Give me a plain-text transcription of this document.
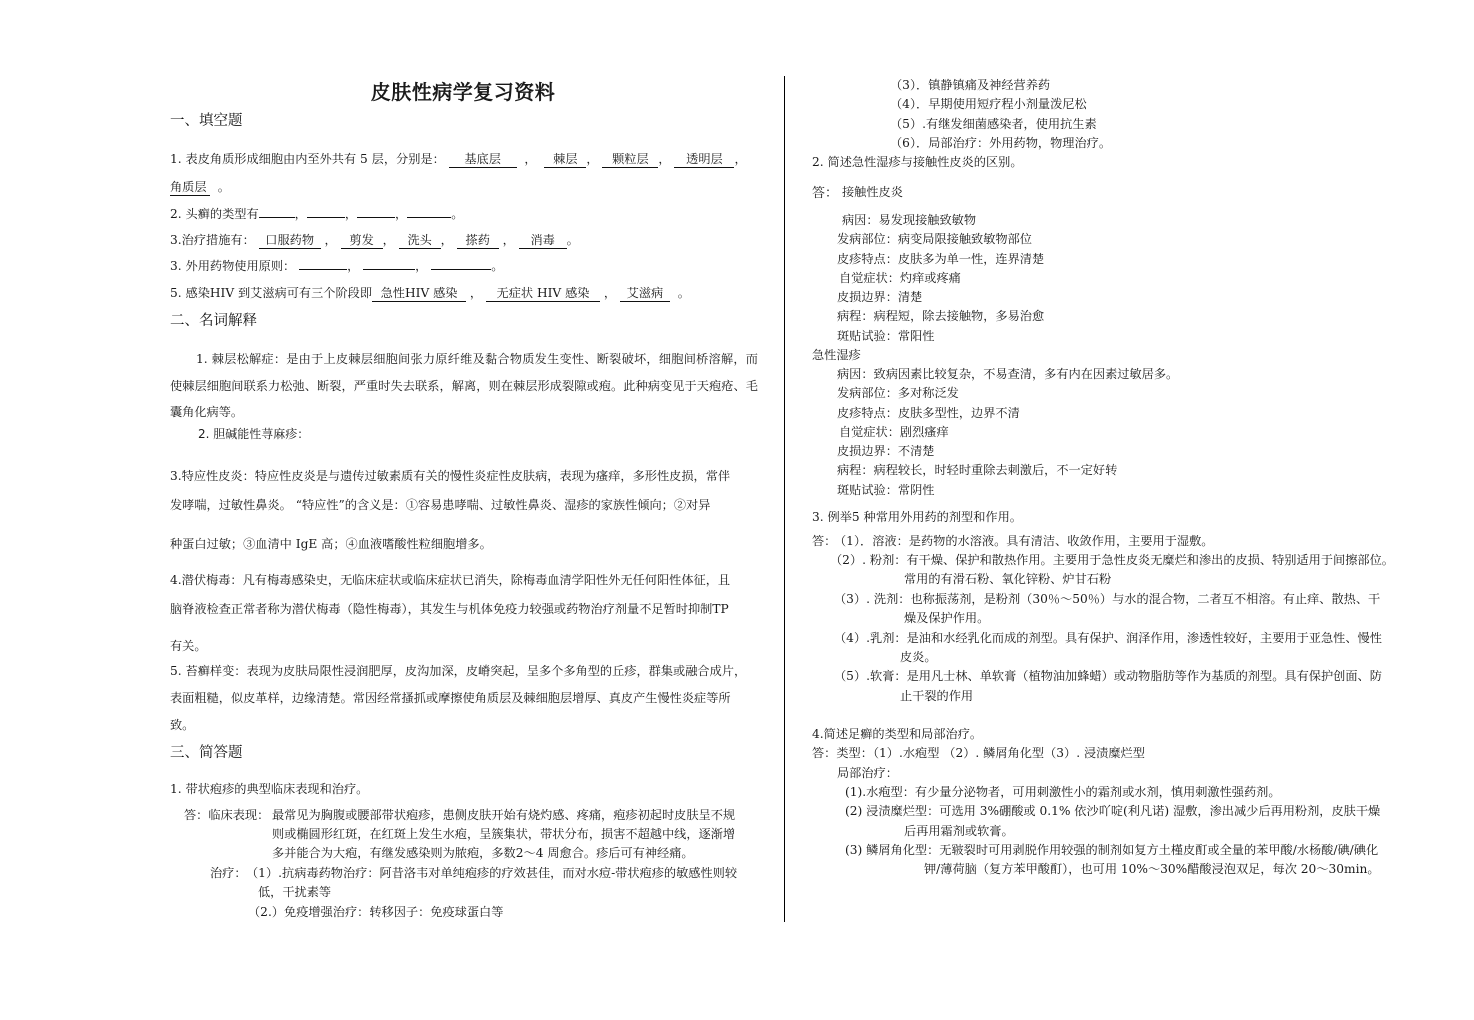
皮肤性病学复习资料
一、填空题
1. 表皮角质形成细胞由内至外共有 5 层，分别是： 基底层  ，  棘层 ， 颗粒层 ， 透明层 ，
角质层 。
2. 头癣的类型有	，	，	，	。
3.治疗措施有： 口服药物 ， 剪发 ， 洗头 ， 搽药 ， 消毒 。
3. 外用药物使用原则：	，	，	。
5. 感染HIV 到艾滋病可有三个阶段即 急性HIV 感染 ， 无症状 HIV 感染 ， 艾滋病 。
二、名词解释
1. 棘层松解症：是由于上皮棘层细胞间张力原纤维及黏合物质发生变性、断裂破坏，细胞间桥溶解，而使棘层细胞间联系力松弛、断裂，严重时失去联系，解离，则在棘层形成裂隙或疱。此种病变见于天疱疮、毛囊角化病等。
2. 胆碱能性荨麻疹：
3.特应性皮炎：特应性皮炎是与遗传过敏素质有关的慢性炎症性皮肤病，表现为瘙痒，多形性皮损，常伴
发哮喘，过敏性鼻炎。 “特应性”的含义是：①容易患哮喘、过敏性鼻炎、湿疹的家族性倾向；②对异
种蛋白过敏；③血清中 IgE 高；④血液嗜酸性粒细胞增多。
4.潜伏梅毒：凡有梅毒感染史，无临床症状或临床症状已消失，除梅毒血清学阳性外无任何阳性体征，且
脑脊液检查正常者称为潜伏梅毒（隐性梅毒），其发生与机体免疫力较强或药物治疗剂量不足暂时抑制TP
有关。
5. 苔癣样变：表现为皮肤局限性浸润肥厚，皮沟加深，皮嵴突起，呈多个多角型的丘疹，群集或融合成片，
表面粗糙，似皮革样，边缘清楚。常因经常搔抓或摩擦使角质层及棘细胞层增厚、真皮产生慢性炎症等所
致。
三、简答题
1. 带状疱疹的典型临床表现和治疗。
答：临床表现： 最常见为胸腹或腰部带状疱疹，患侧皮肤开始有烧灼感、疼痛，疱疹初起时皮肤呈不规
则或椭圆形红斑，在红斑上发生水疱，呈簇集状，带状分布，损害不超越中线，逐渐增
多并能合为大疱，有继发感染则为脓疱，多数2～4 周愈合。疹后可有神经痛。
治疗： （1）.抗病毒药物治疗：阿昔洛韦对单纯疱疹的疗效甚佳，而对水痘-带状疱疹的敏感性则较
低，干扰素等
（2.）免疫增强治疗：转移因子：免疫球蛋白等
（3）．镇静镇痛及神经营养药
（4）．早期使用短疗程小剂量泼尼松
（5）.有继发细菌感染者，使用抗生素
（6）．局部治疗：外用药物，物理治疗。
2. 简述急性湿疹与接触性皮炎的区别。
答： 接触性皮炎
病因：易发现接触致敏物
发病部位：病变局限接触致敏物部位
皮疹特点：皮肤多为单一性，连界清楚
自觉症状：灼痒或疼痛
皮损边界：清楚
病程：病程短，除去接触物，多易治愈
斑贴试验：常阳性
急性湿疹
病因：致病因素比较复杂，不易查清，多有内在因素过敏居多。
发病部位：多对称泛发
皮疹特点：皮肤多型性，边界不清
自觉症状：剧烈瘙痒
皮损边界：不清楚
病程：病程较长，时轻时重除去刺激后，不一定好转
斑贴试验：常阴性
3. 例举5 种常用外用药的剂型和作用。
答：
（1）．溶液：是药物的水溶液。具有清洁、收敛作用，主要用于湿敷。
（2）. 粉剂：有干燥、保护和散热作用。主要用于急性皮炎无糜烂和渗出的皮损、特别适用于间擦部位。
常用的有滑石粉、氧化锌粉、炉甘石粉
（3）. 洗剂：也称振荡剂，是粉剂（30％～50％）与水的混合物，二者互不相溶。有止痒、散热、干
燥及保护作用。
（4）.乳剂：是油和水经乳化而成的剂型。具有保护、润泽作用，渗透性较好，主要用于亚急性、慢性
皮炎。
（5）.软膏：是用凡士林、单软膏（植物油加蜂蜡）或动物脂肪等作为基质的剂型。具有保护创面、防
止干裂的作用
4.简述足癣的类型和局部治疗。
答：类型：（1）.水疱型 （2）. 鳞屑角化型（3）. 浸渍糜烂型
局部治疗：
(1).水疱型：有少量分泌物者，可用刺激性小的霜剂或水剂，慎用刺激性强药剂。
(2) 浸渍糜烂型：可选用 3%硼酸或 0.1% 依沙吖啶(利凡诺) 湿敷，渗出减少后再用粉剂，皮肤干燥
后再用霜剂或软膏。
(3) 鳞屑角化型：无皲裂时可用剥脱作用较强的制剂如复方土槿皮酊或全量的苯甲酸/水杨酸/碘/碘化
钾/薄荷脑（复方苯甲酸酊），也可用 10%～30%醋酸浸泡双足，每次 20～30min。
